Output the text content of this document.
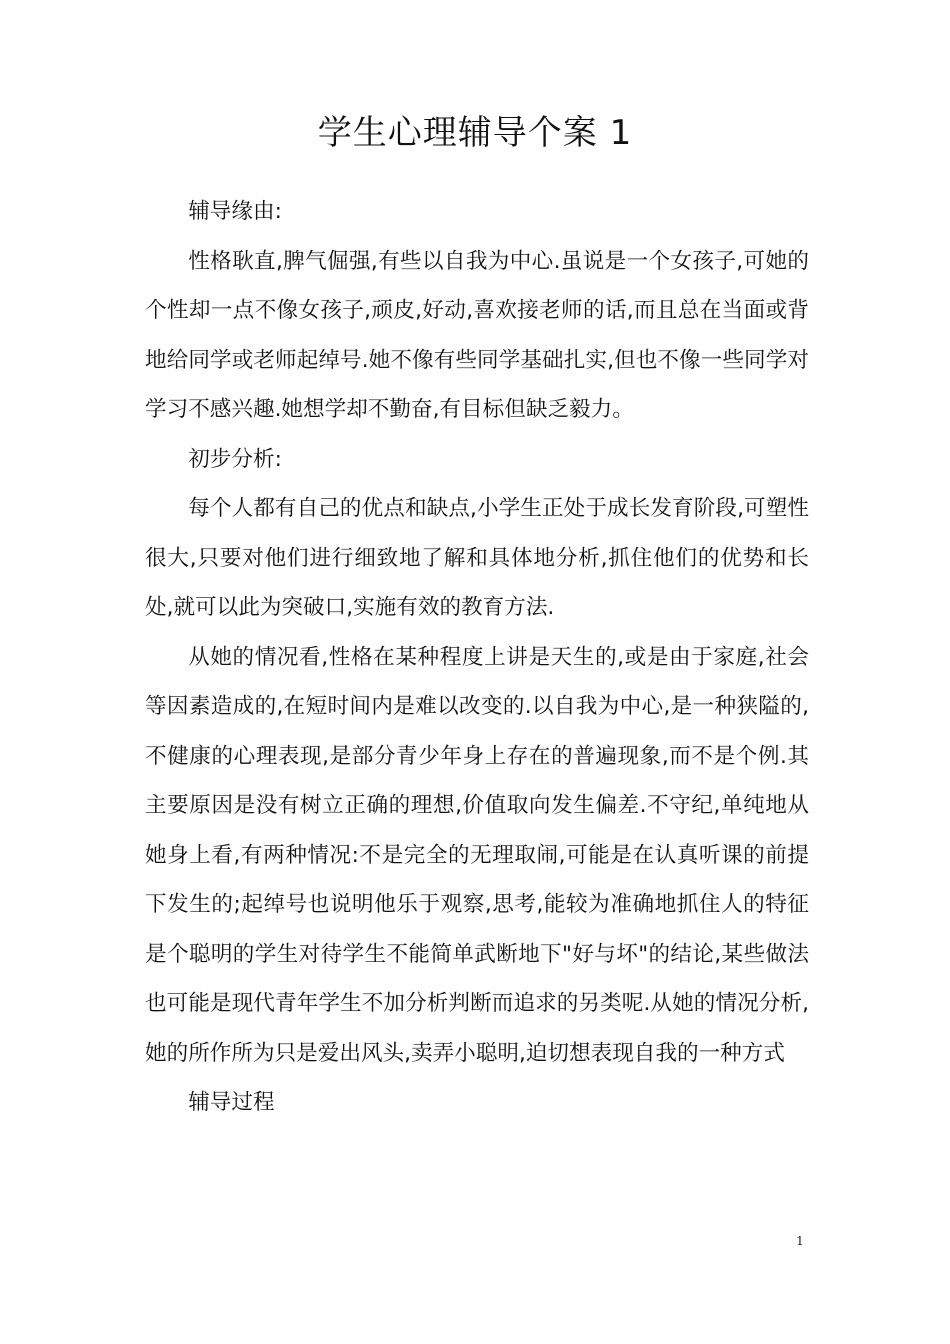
学生心理辅导个案 1

辅导缘由:

性格耿直,脾气倔强,有些以自我为中心.虽说是一个女孩子,可她的个性却一点不像女孩子,顽皮,好动,喜欢接老师的话,而且总在当面或背地给同学或老师起绰号.她不像有些同学基础扎实,但也不像一些同学对学习不感兴趣.她想学却不勤奋,有目标但缺乏毅力。

初步分析:

每个人都有自己的优点和缺点,小学生正处于成长发育阶段,可塑性很大,只要对他们进行细致地了解和具体地分析,抓住他们的优势和长处,就可以此为突破口,实施有效的教育方法.

从她的情况看,性格在某种程度上讲是天生的,或是由于家庭,社会等因素造成的,在短时间内是难以改变的.以自我为中心,是一种狭隘的,不健康的心理表现,是部分青少年身上存在的普遍现象,而不是个例.其主要原因是没有树立正确的理想,价值取向发生偏差.不守纪,单纯地从她身上看,有两种情况:不是完全的无理取闹,可能是在认真听课的前提下发生的;起绰号也说明他乐于观察,思考,能较为准确地抓住人的特征是个聪明的学生对待学生不能简单武断地下"好与坏"的结论,某些做法也可能是现代青年学生不加分析判断而追求的另类呢.从她的情况分析,她的所作所为只是爱出风头,卖弄小聪明,迫切想表现自我的一种方式

辅导过程

1
